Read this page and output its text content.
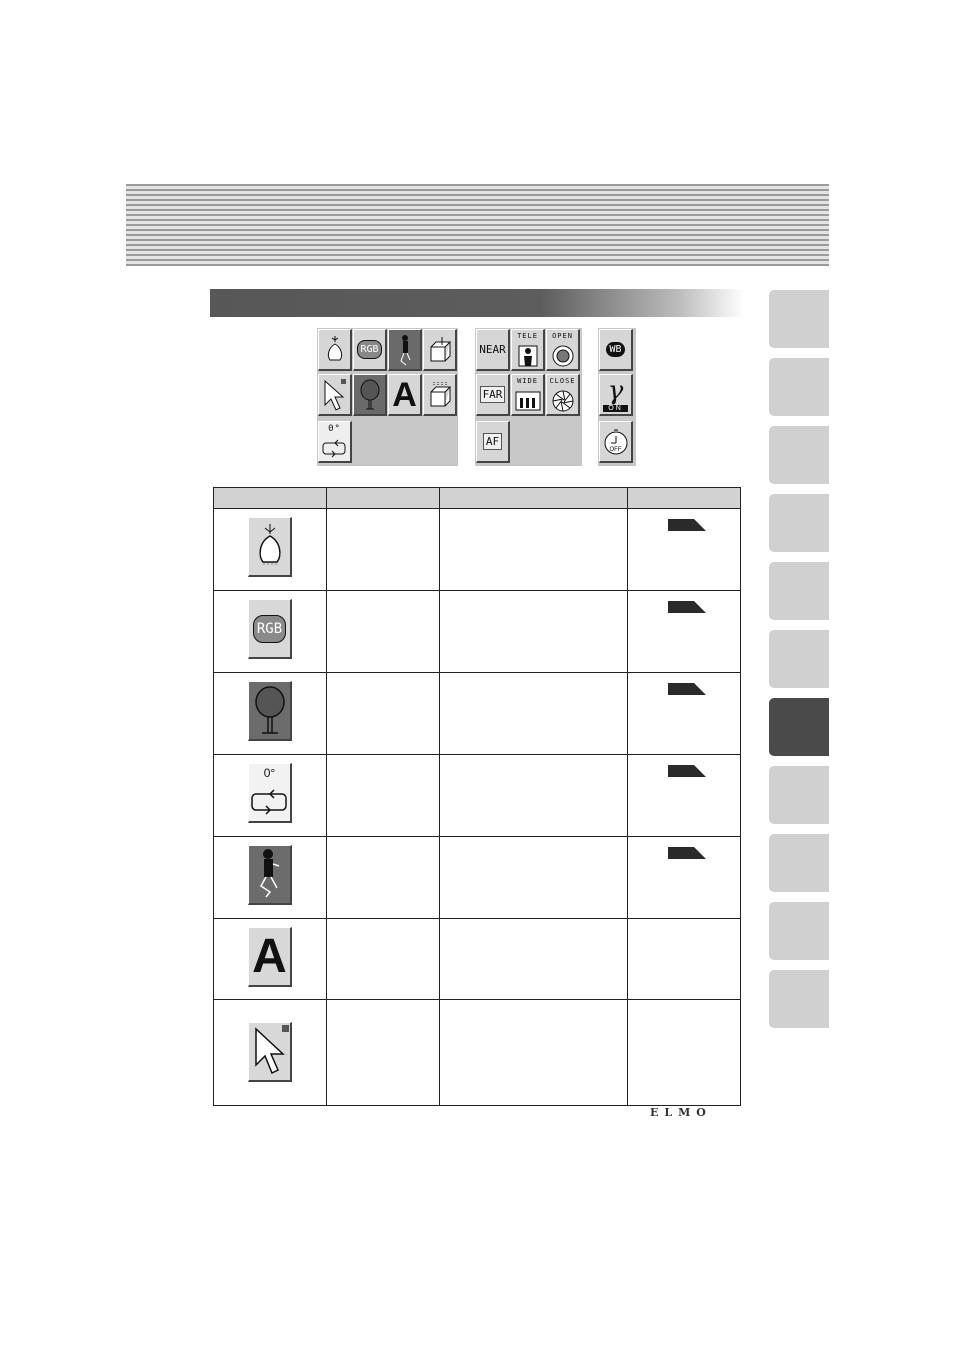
RGB
A
0°
NEAR
TELE	OPEN
FAR
WIDE	CLOSE
AF
WB
γ
ON
OFF

RGB

0°

A			

ELMO
